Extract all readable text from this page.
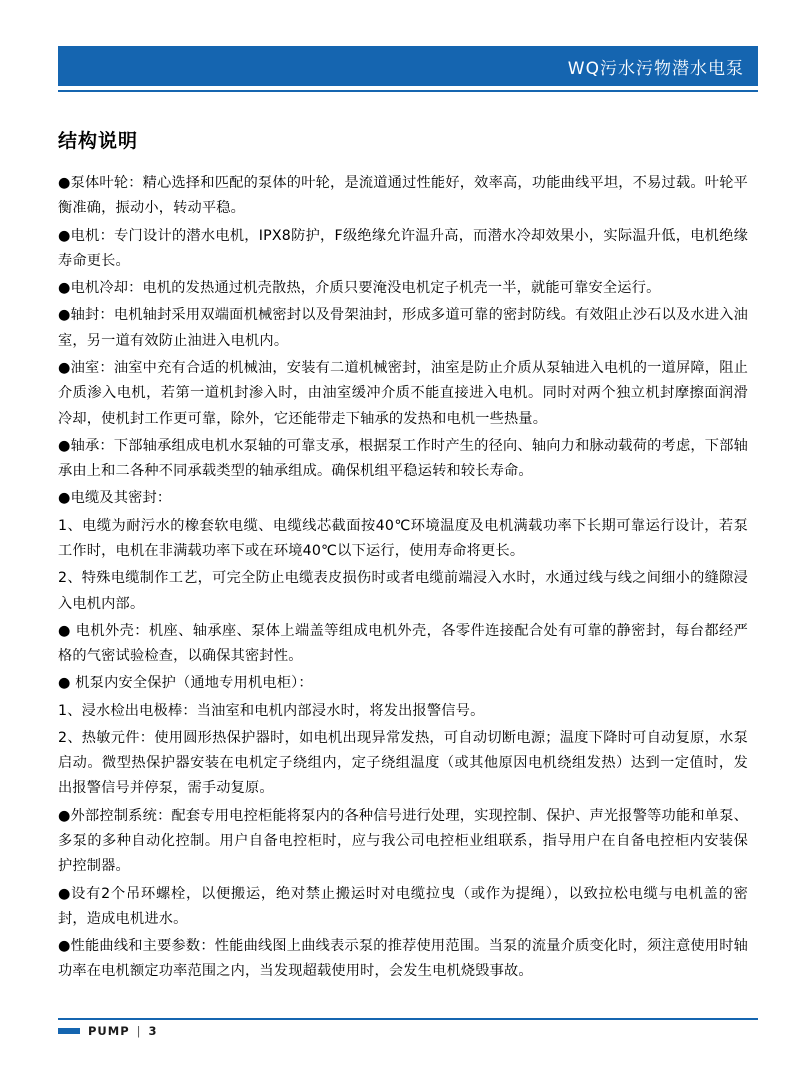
WQ污水污物潜水电泵
结构说明

●泵体叶轮：精心选择和匹配的泵体的叶轮，是流道通过性能好，效率高，功能曲线平坦，不易过载。叶轮平衡准确，振动小，转动平稳。

●电机：专门设计的潜水电机，IPX8防护，F级绝缘允许温升高，而潜水冷却效果小，实际温升低，电机绝缘寿命更长。

●电机冷却：电机的发热通过机壳散热，介质只要淹没电机定子机壳一半，就能可靠安全运行。

●轴封：电机轴封采用双端面机械密封以及骨架油封，形成多道可靠的密封防线。有效阻止沙石以及水进入油室，另一道有效防止油进入电机内。

●油室：油室中充有合适的机械油，安装有二道机械密封，油室是防止介质从泵轴进入电机的一道屏障，阻止介质渗入电机，若第一道机封渗入时，由油室缓冲介质不能直接进入电机。同时对两个独立机封摩擦面润滑冷却，使机封工作更可靠，除外，它还能带走下轴承的发热和电机一些热量。

●轴承：下部轴承组成电机水泵轴的可靠支承，根据泵工作时产生的径向、轴向力和脉动载荷的考虑，下部轴承由上和二各种不同承载类型的轴承组成。确保机组平稳运转和较长寿命。

●电缆及其密封：

1、电缆为耐污水的橡套软电缆、电缆线芯截面按40℃环境温度及电机满载功率下长期可靠运行设计，若泵工作时，电机在非满载功率下或在环境40℃以下运行，使用寿命将更长。

2、特殊电缆制作工艺，可完全防止电缆表皮损伤时或者电缆前端浸入水时，水通过线与线之间细小的缝隙浸入电机内部。

● 电机外壳：机座、轴承座、泵体上端盖等组成电机外壳，各零件连接配合处有可靠的静密封，每台都经严格的气密试验检查，以确保其密封性。

● 机泵内安全保护（通地专用机电柜）：

1、浸水检出电极棒：当油室和电机内部浸水时，将发出报警信号。

2、热敏元件：使用圆形热保护器时，如电机出现异常发热，可自动切断电源；温度下降时可自动复原，水泵启动。微型热保护器安装在电机定子绕组内，定子绕组温度（或其他原因电机绕组发热）达到一定值时，发出报警信号并停泵，需手动复原。

●外部控制系统：配套专用电控柜能将泵内的各种信号进行处理，实现控制、保护、声光报警等功能和单泵、多泵的多种自动化控制。用户自备电控柜时，应与我公司电控柜业组联系，指导用户在自备电控柜内安装保护控制器。

●设有2个吊环螺栓，以便搬运，绝对禁止搬运时对电缆拉曳（或作为提绳），以致拉松电缆与电机盖的密封，造成电机进水。

●性能曲线和主要参数：性能曲线图上曲线表示泵的推荐使用范围。当泵的流量介质变化时，须注意使用时轴功率在电机额定功率范围之内，当发现超载使用时，会发生电机烧毁事故。

PUMP | 3
